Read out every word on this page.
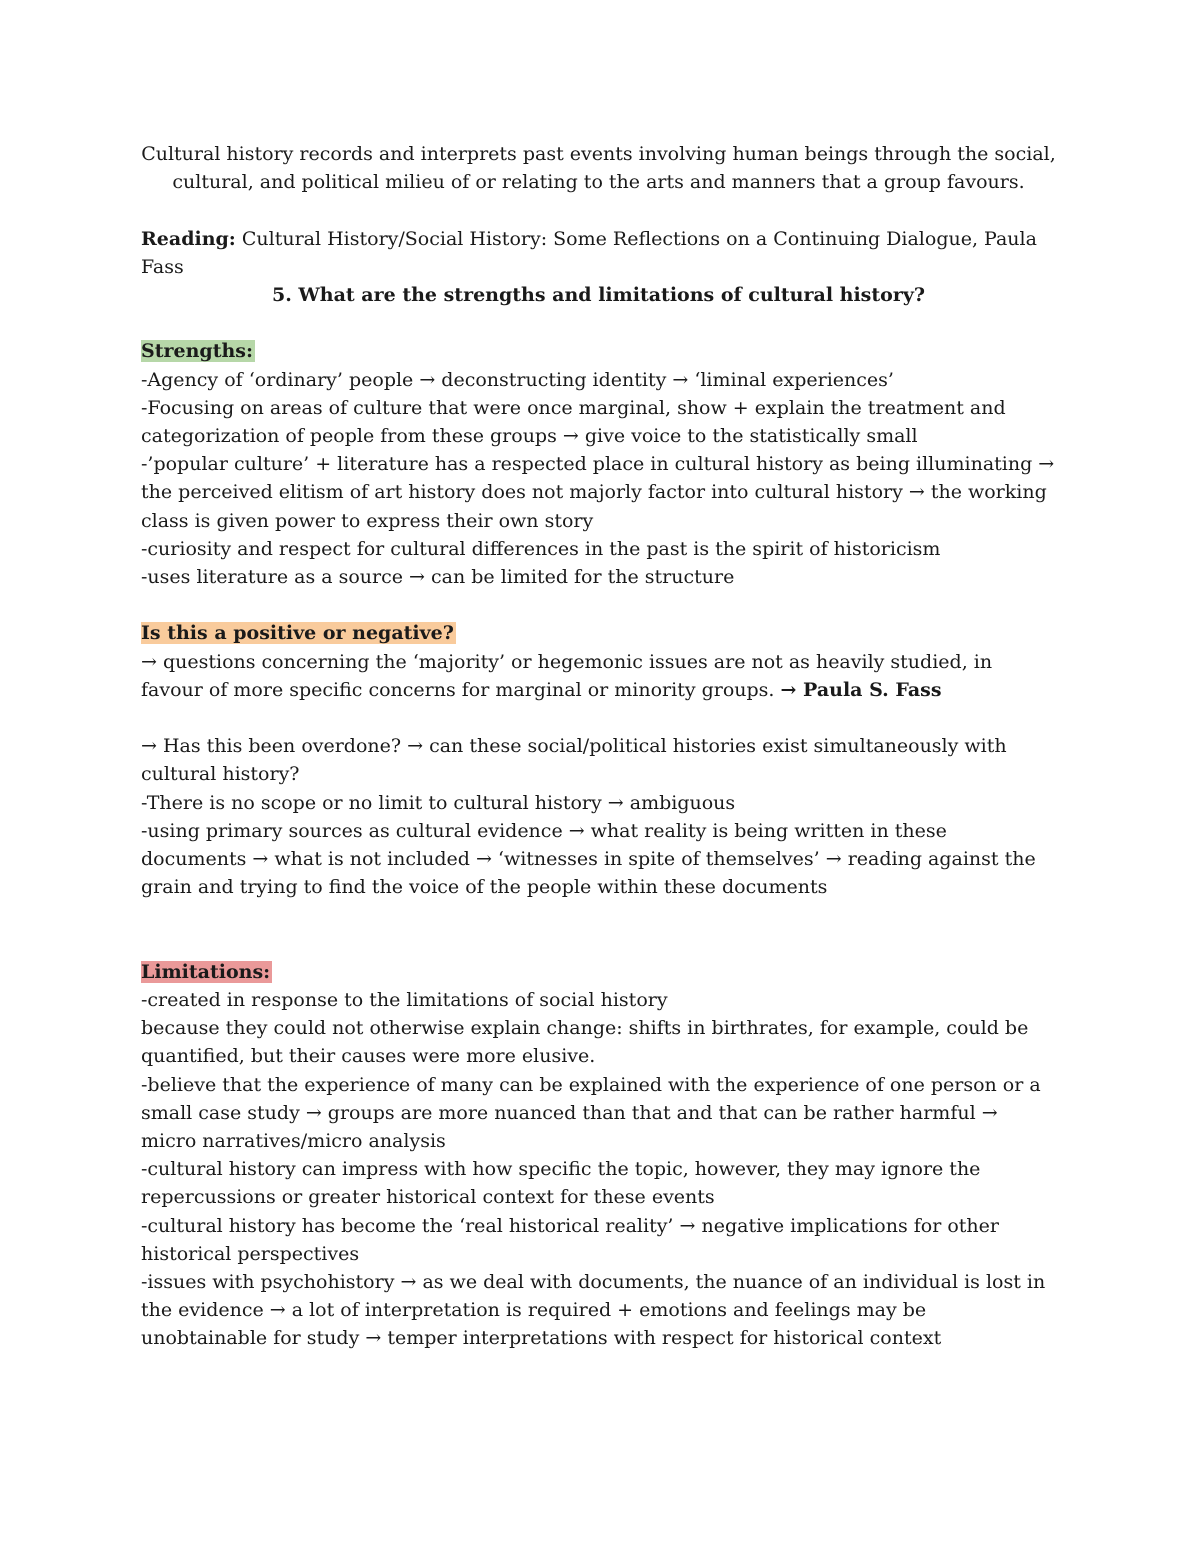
Cultural history records and interprets past events involving human beings through the social, cultural, and political milieu of or relating to the arts and manners that a group favours.

Reading: Cultural History/Social History: Some Reflections on a Continuing Dialogue, Paula Fass

5. What are the strengths and limitations of cultural history?

Strengths:

-Agency of ‘ordinary’ people → deconstructing identity → ‘liminal experiences’

-Focusing on areas of culture that were once marginal, show + explain the treatment and categorization of people from these groups → give voice to the statistically small

-’popular culture’ + literature has a respected place in cultural history as being illuminating → the perceived elitism of art history does not majorly factor into cultural history → the working class is given power to express their own story

-curiosity and respect for cultural differences in the past is the spirit of historicism

-uses literature as a source → can be limited for the structure

Is this a positive or negative?

→ questions concerning the ‘majority’ or hegemonic issues are not as heavily studied, in favour of more specific concerns for marginal or minority groups. → Paula S. Fass

→ Has this been overdone? → can these social/political histories exist simultaneously with cultural history?

-There is no scope or no limit to cultural history → ambiguous

-using primary sources as cultural evidence → what reality is being written in these documents → what is not included → ‘witnesses in spite of themselves’ → reading against the grain and trying to find the voice of the people within these documents

Limitations:

-created in response to the limitations of social history

because they could not otherwise explain change: shifts in birthrates, for example, could be quantified, but their causes were more elusive.

-believe that the experience of many can be explained with the experience of one person or a small case study → groups are more nuanced than that and that can be rather harmful → micro narratives/micro analysis

-cultural history can impress with how specific the topic, however, they may ignore the repercussions or greater historical context for these events

-cultural history has become the ‘real historical reality’ → negative implications for other historical perspectives

-issues with psychohistory → as we deal with documents, the nuance of an individual is lost in the evidence → a lot of interpretation is required + emotions and feelings may be unobtainable for study → temper interpretations with respect for historical context
